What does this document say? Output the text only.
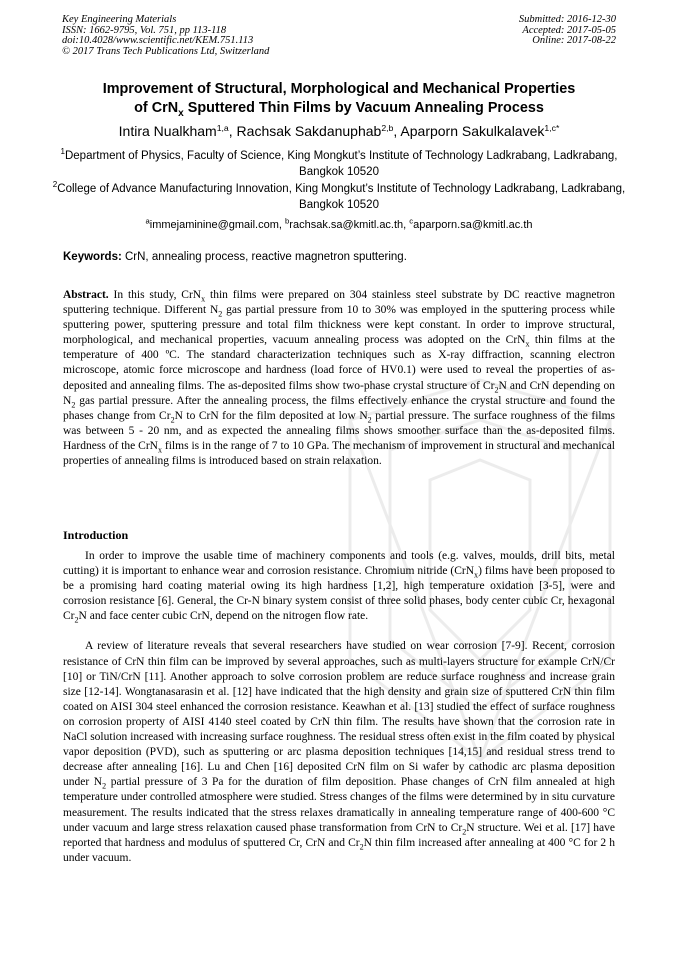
Key Engineering Materials
ISSN: 1662-9795, Vol. 751, pp 113-118
doi:10.4028/www.scientific.net/KEM.751.113
© 2017 Trans Tech Publications Ltd, Switzerland
Submitted: 2016-12-30
Accepted: 2017-05-05
Online: 2017-08-22
Improvement of Structural, Morphological and Mechanical Properties
of CrN$_x$ Sputtered Thin Films by Vacuum Annealing Process
Intira Nualkham$^{1,a}$, Rachsak Sakdanuphab$^{2,b}$, Aparporn Sakulkalavek$^{1,c*}$
$^1$Department of Physics, Faculty of Science, King Mongkut’s Institute of Technology Ladkrabang, Ladkrabang, Bangkok 10520
$^2$College of Advance Manufacturing Innovation, King Mongkut’s Institute of Technology Ladkrabang, Ladkrabang, Bangkok 10520
$^a$immejaminine@gmail.com, $^b$rachsak.sa@kmitl.ac.th, $^c$aparporn.sa@kmitl.ac.th
Keywords: CrN, annealing process, reactive magnetron sputtering.

Abstract. In this study, CrN$_x$ thin films were prepared on 304 stainless steel substrate by DC reactive magnetron sputtering technique. Different $N_2$ gas partial pressure from 10 to 30% was employed in the sputtering process while sputtering power, sputtering pressure and total film thickness were kept constant. In order to improve structural, morphological, and mechanical properties, vacuum annealing process was adopted on the CrN$_x$ thin films at the temperature of 400 ºC. The standard characterization techniques such as X-ray diffraction, scanning electron microscope, atomic force microscope and hardness (load force of HV0.1) were used to reveal the properties of as-deposited and annealing films. The as-deposited films show two-phase crystal structure of $Cr_2N$ and CrN depending on $N_2$ gas partial pressure. After the annealing process, the films effectively enhance the crystal structure and found the phases change from $Cr_2N$ to CrN for the film deposited at low $N_2$ partial pressure. The surface roughness of the films was between 5 - 20 nm, and as expected the annealing films shows smoother surface than the as-deposited films. Hardness of the CrN$_x$ films is in the range of 7 to 10 GPa. The mechanism of improvement in structural and mechanical properties of annealing films is introduced based on strain relaxation.

Introduction

In order to improve the usable time of machinery components and tools (e.g. valves, moulds, drill bits, metal cutting) it is important to enhance wear and corrosion resistance. Chromium nitride (CrN$_x$) films have been proposed to be a promising hard coating material owing its high hardness [1,2], high temperature oxidation [3-5], were and corrosion resistance [6]. General, the Cr-N binary system consist of three solid phases, body center cubic Cr, hexagonal $Cr_2N$ and face center cubic CrN, depend on the nitrogen flow rate.

A review of literature reveals that several researchers have studied on wear corrosion [7-9]. Recent, corrosion resistance of CrN thin film can be improved by several approaches, such as multi-layers structure for example CrN/Cr [10] or TiN/CrN [11]. Another approach to solve corrosion problem are reduce surface roughness and increase grain size [12-14]. Wongtanasarasin et al. [12] have indicated that the high density and grain size of sputtered CrN thin film coated on AISI 304 steel enhanced the corrosion resistance. Keawhan et al. [13] studied the effect of surface roughness on corrosion property of AISI 4140 steel coated by CrN thin film. The results have shown that the corrosion rate in NaCl solution increased with increasing surface roughness. The residual stress often exist in the film coated by physical vapor deposition (PVD), such as sputtering or arc plasma deposition techniques [14,15] and residual stress trend to decrease after annealing [16]. Lu and Chen [16] deposited CrN film on Si wafer by cathodic arc plasma deposition under $N_2$ partial pressure of 3 Pa for the duration of film deposition. Phase changes of CrN film annealed at high temperature under controlled atmosphere were studied. Stress changes of the films were determined by in situ curvature measurement. The results indicated that the stress relaxes dramatically in annealing temperature range of 400-600 °C under vacuum and large stress relaxation caused phase transformation from CrN to $Cr_2N$ structure. Wei et al. [17] have reported that hardness and modulus of sputtered Cr, CrN and $Cr_2N$ thin film increased after annealing at 400 °C for 2 h under vacuum.
